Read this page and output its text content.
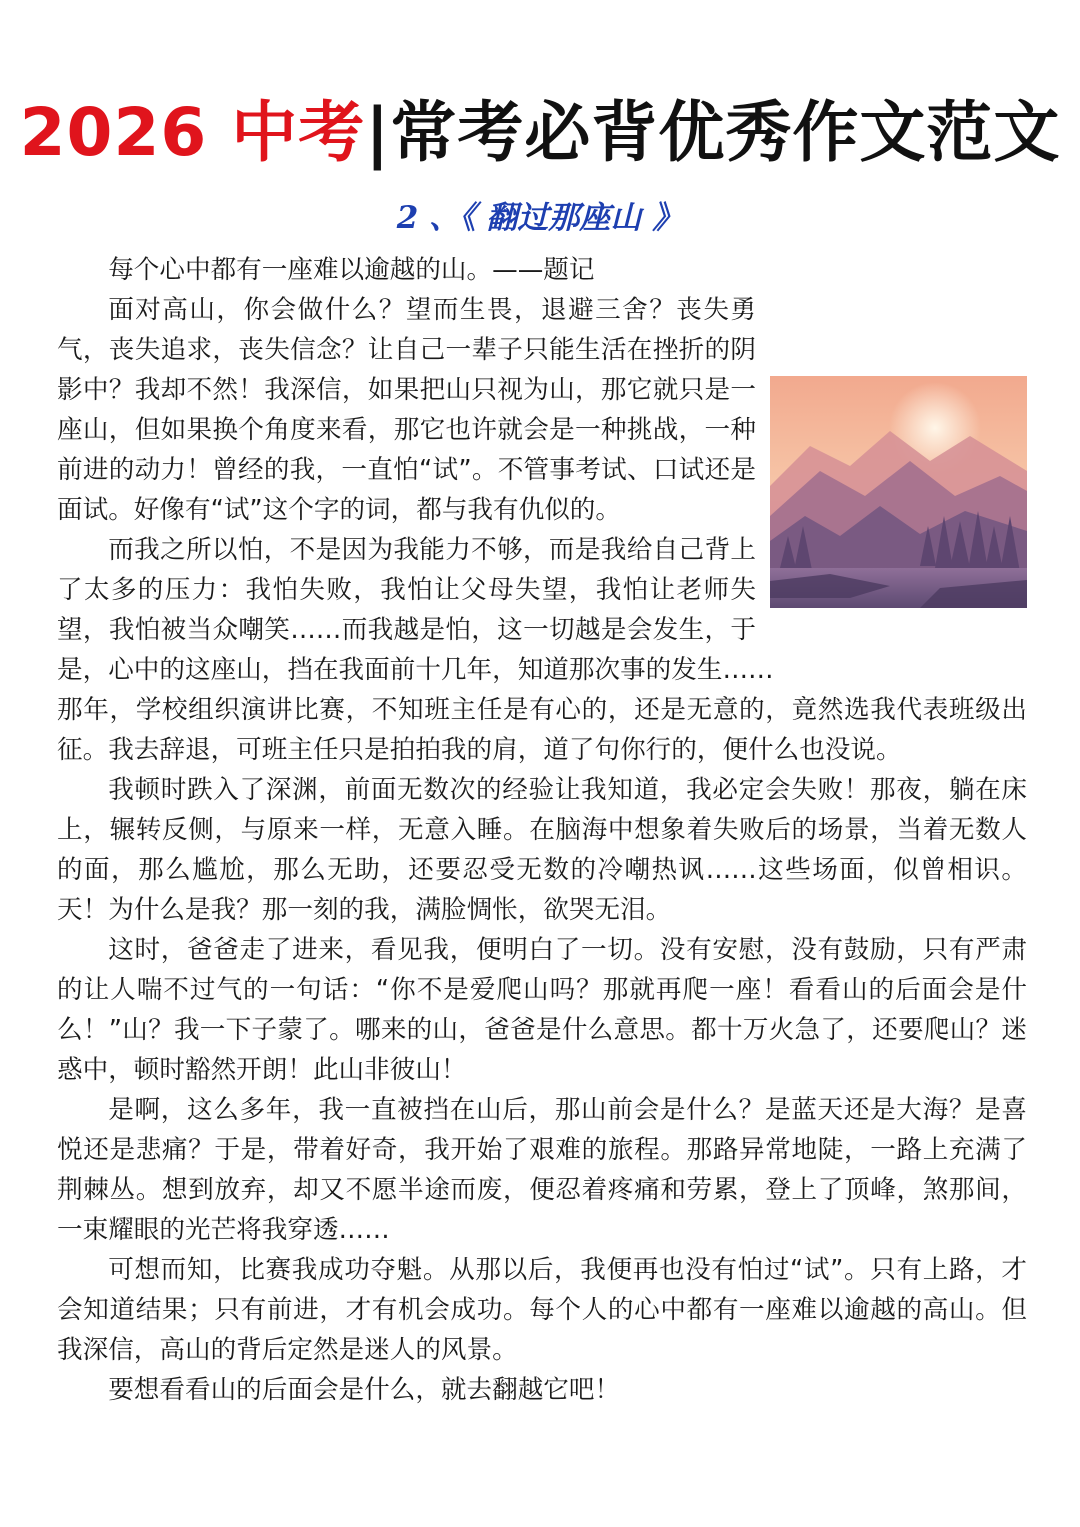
2026 中考|常考必背优秀作文范文
2 、《 翻过那座山 》

每个心中都有一座难以逾越的山。——题记

面对高山，你会做什么？望而生畏，退避三舍？丧失勇气，丧失追求，丧失信念？让自己一辈子只能生活在挫折的阴影中？我却不然！我深信，如果把山只视为山，那它就只是一座山，但如果换个角度来看，那它也许就会是一种挑战，一种前进的动力！曾经的我，一直怕“试”。不管事考试、口试还是面试。好像有“试”这个字的词，都与我有仇似的。

而我之所以怕，不是因为我能力不够，而是我给自己背上了太多的压力：我怕失败，我怕让父母失望，我怕让老师失望，我怕被当众嘲笑……而我越是怕，这一切越是会发生，于是，心中的这座山，挡在我面前十几年，知道那次事的发生……

那年，学校组织演讲比赛，不知班主任是有心的，还是无意的，竟然选我代表班级出征。我去辞退，可班主任只是拍拍我的肩，道了句你行的，便什么也没说。

我顿时跌入了深渊，前面无数次的经验让我知道，我必定会失败！那夜，躺在床上，辗转反侧，与原来一样，无意入睡。在脑海中想象着失败后的场景，当着无数人的面，那么尴尬，那么无助，还要忍受无数的冷嘲热讽……这些场面，似曾相识。天！为什么是我？那一刻的我，满脸惆怅，欲哭无泪。

这时，爸爸走了进来，看见我，便明白了一切。没有安慰，没有鼓励，只有严肃的让人喘不过气的一句话：“你不是爱爬山吗？那就再爬一座！看看山的后面会是什么！”山？我一下子蒙了。哪来的山，爸爸是什么意思。都十万火急了，还要爬山？迷惑中，顿时豁然开朗！此山非彼山！

是啊，这么多年，我一直被挡在山后，那山前会是什么？是蓝天还是大海？是喜悦还是悲痛？于是，带着好奇，我开始了艰难的旅程。那路异常地陡，一路上充满了荆棘丛。想到放弃，却又不愿半途而废，便忍着疼痛和劳累，登上了顶峰，煞那间，一束耀眼的光芒将我穿透……

可想而知，比赛我成功夺魁。从那以后，我便再也没有怕过“试”。只有上路，才会知道结果；只有前进，才有机会成功。每个人的心中都有一座难以逾越的高山。但我深信，高山的背后定然是迷人的风景。

要想看看山的后面会是什么，就去翻越它吧！
